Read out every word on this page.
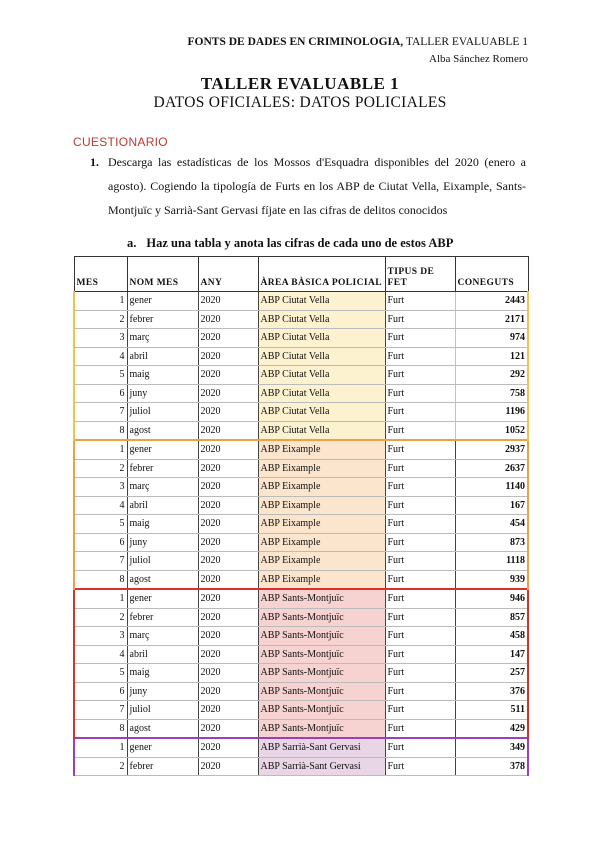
FONTS DE DADES EN CRIMINOLOGIA, TALLER EVALUABLE 1
Alba Sánchez Romero
TALLER EVALUABLE 1
DATOS OFICIALES: DATOS POLICIALES
CUESTIONARIO
1. Descarga las estadísticas de los Mossos d'Esquadra disponibles del 2020 (enero a agosto). Cogiendo la tipología de Furts en los ABP de Ciutat Vella, Eixample, Sants-Montjuïc y Sarrià-Sant Gervasi fíjate en las cifras de delitos conocidos
a. Haz una tabla y anota las cifras de cada uno de estos ABP
MES	NOM MES	ANY	ÀREA BÀSICA POLICIAL	TIPUS DE FET	CONEGUTS
1	gener	2020	ABP Ciutat Vella	Furt	2443
2	febrer	2020	ABP Ciutat Vella	Furt	2171
3	març	2020	ABP Ciutat Vella	Furt	974
4	abril	2020	ABP Ciutat Vella	Furt	121
5	maig	2020	ABP Ciutat Vella	Furt	292
6	juny	2020	ABP Ciutat Vella	Furt	758
7	juliol	2020	ABP Ciutat Vella	Furt	1196
8	agost	2020	ABP Ciutat Vella	Furt	1052
1	gener	2020	ABP Eixample	Furt	2937
2	febrer	2020	ABP Eixample	Furt	2637
3	març	2020	ABP Eixample	Furt	1140
4	abril	2020	ABP Eixample	Furt	167
5	maig	2020	ABP Eixample	Furt	454
6	juny	2020	ABP Eixample	Furt	873
7	juliol	2020	ABP Eixample	Furt	1118
8	agost	2020	ABP Eixample	Furt	939
1	gener	2020	ABP Sants-Montjuïc	Furt	946
2	febrer	2020	ABP Sants-Montjuïc	Furt	857
3	març	2020	ABP Sants-Montjuïc	Furt	458
4	abril	2020	ABP Sants-Montjuïc	Furt	147
5	maig	2020	ABP Sants-Montjuïc	Furt	257
6	juny	2020	ABP Sants-Montjuïc	Furt	376
7	juliol	2020	ABP Sants-Montjuïc	Furt	511
8	agost	2020	ABP Sants-Montjuïc	Furt	429
1	gener	2020	ABP Sarrià-Sant Gervasi	Furt	349
2	febrer	2020	ABP Sarrià-Sant Gervasi	Furt	378
